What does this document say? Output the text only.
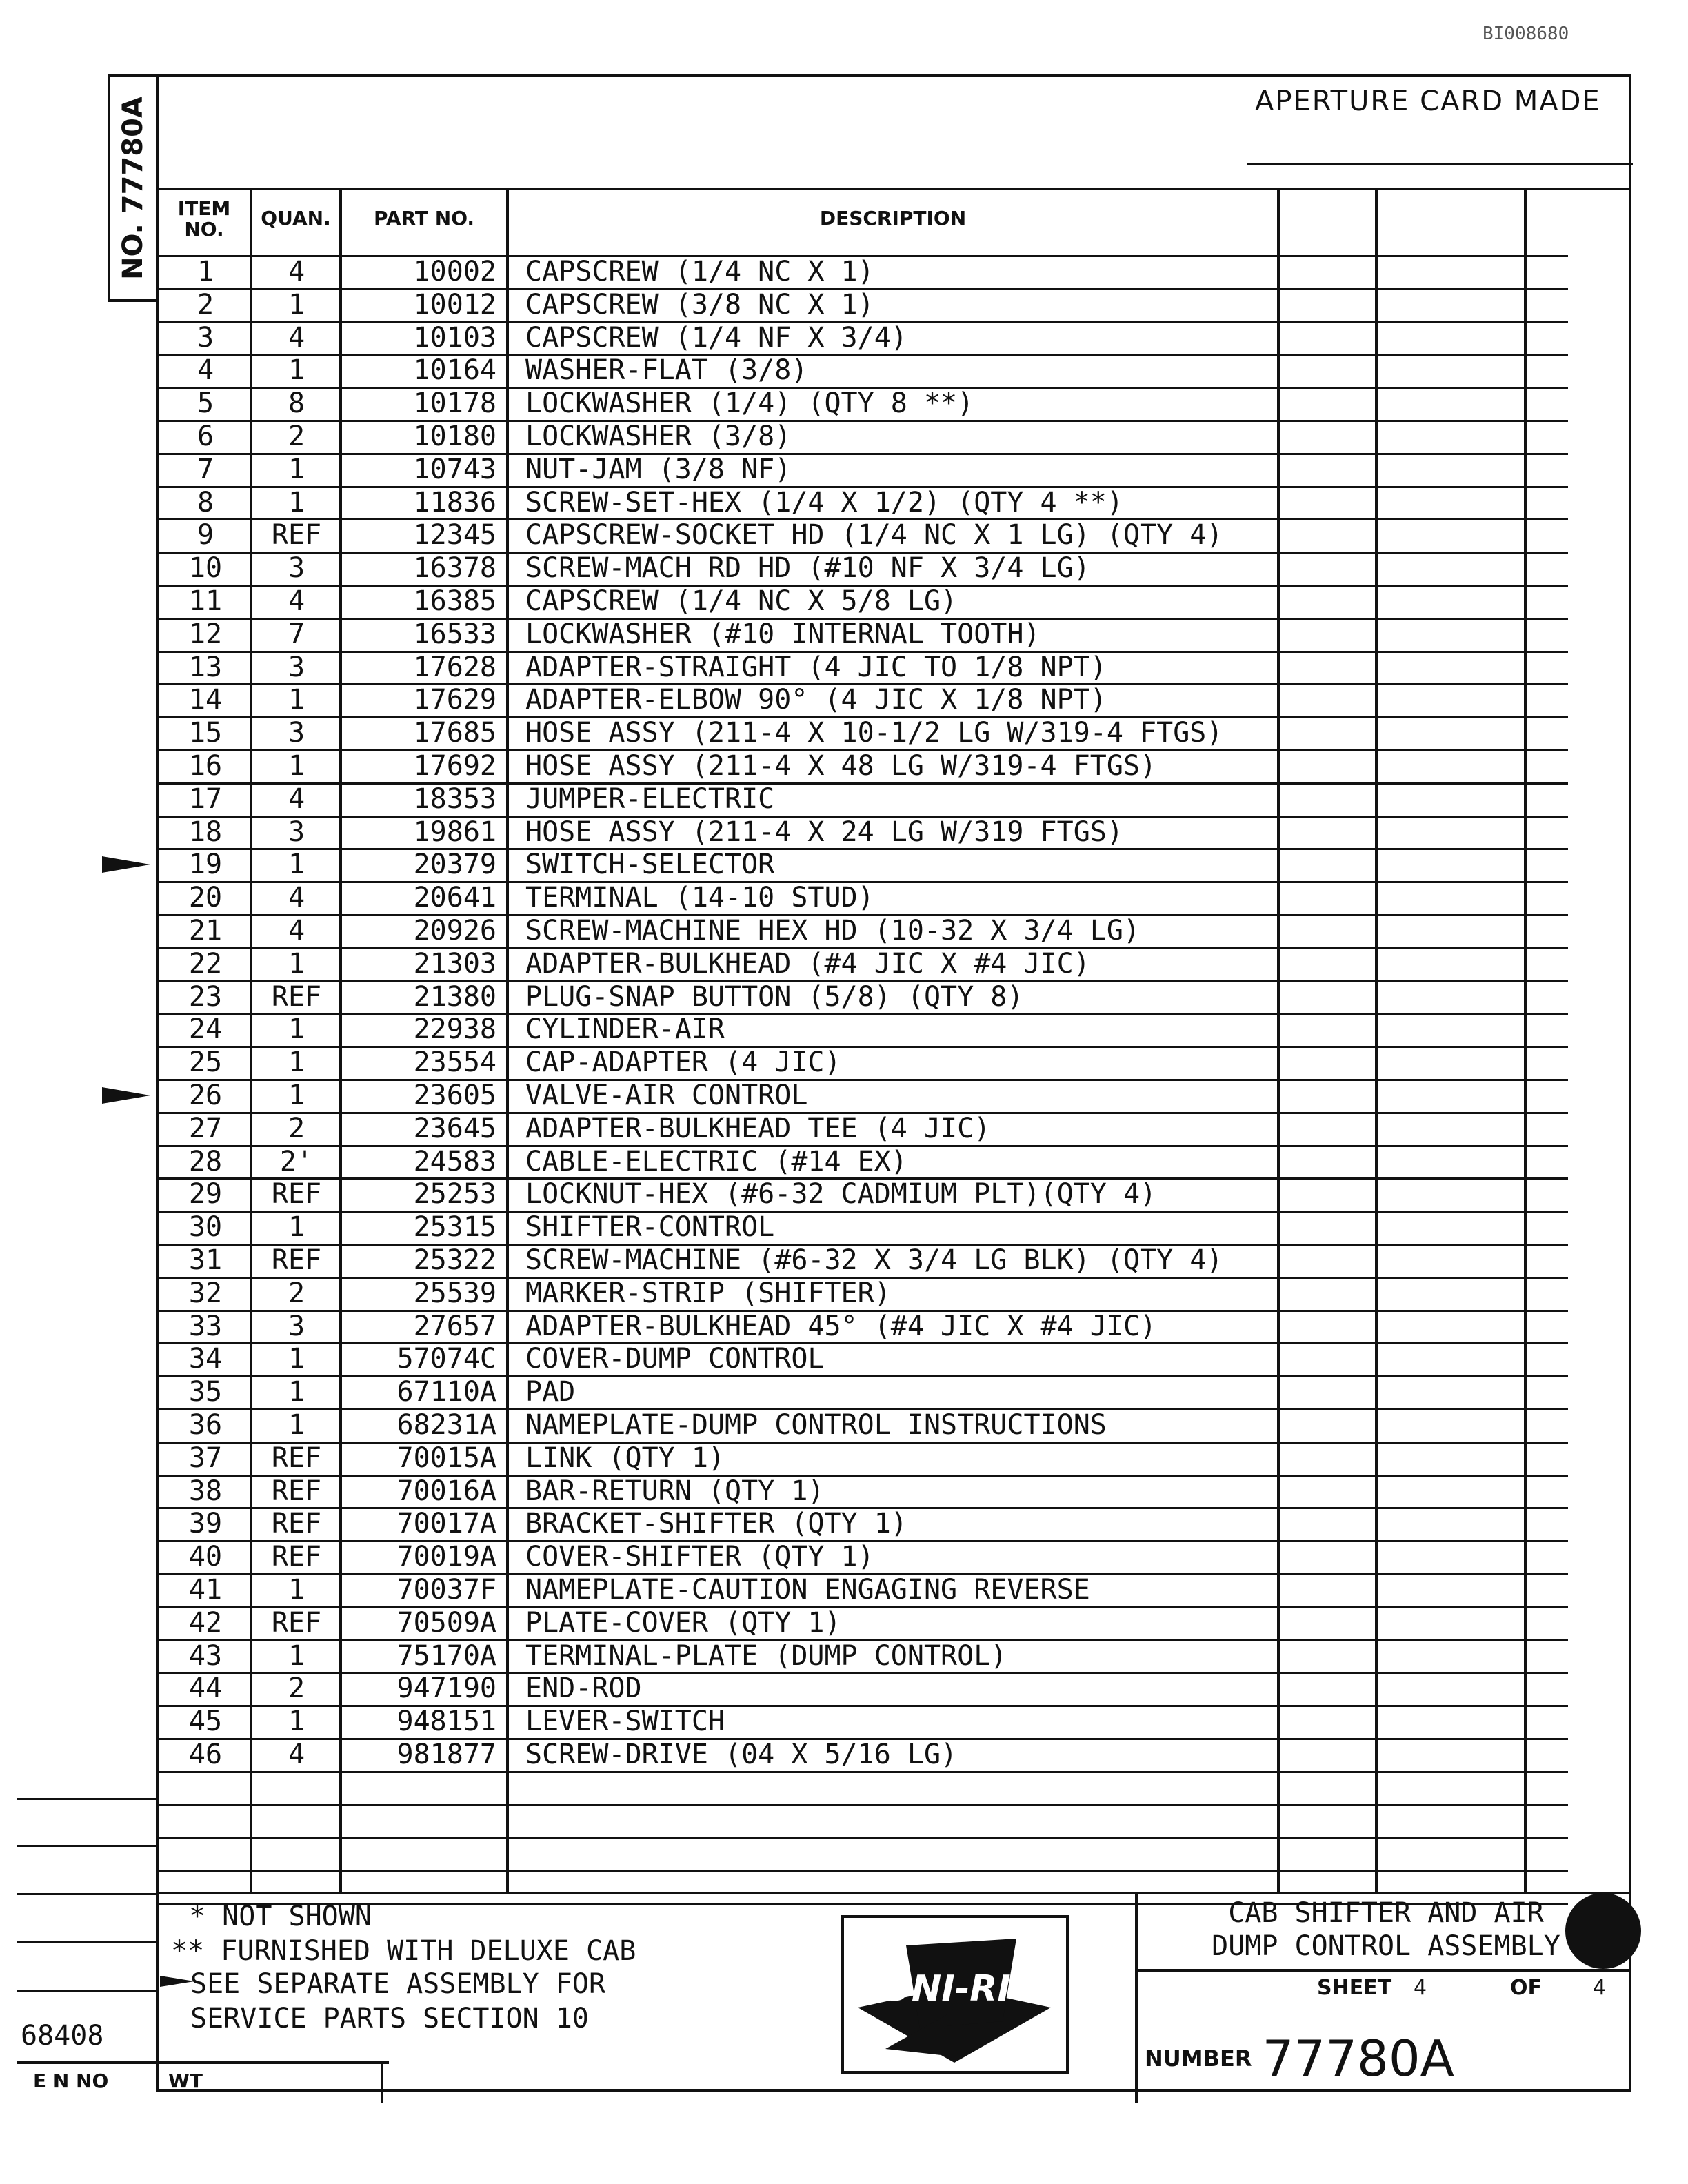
BI008680
NO. 77780A	APERTURE CARD MADE
ITEM NO.	QUAN.	PART NO.	DESCRIPTION
1	4	10002 CAPSCREW (1/4 NC X 1)
2	1	10012 CAPSCREW (3/8 NC X 1)
3	4	10103 CAPSCREW (1/4 NF X 3/4)
4	1	10164 WASHER-FLAT (3/8)
5	8	10178 LOCKWASHER (1/4) (QTY 8 **)
6	2	10180 LOCKWASHER (3/8)
7	1	10743 NUT-JAM (3/8 NF)
8	1	11836 SCREW-SET-HEX (1/4 X 1/2) (QTY 4 **)
9	REF	12345 CAPSCREW-SOCKET HD (1/4 NC X 1 LG) (QTY 4)
10	3	16378 SCREW-MACH RD HD (#10 NF X 3/4 LG)
11	4	16385 CAPSCREW (1/4 NC X 5/8 LG)
12	7	16533 LOCKWASHER (#10 INTERNAL TOOTH)
13	3	17628 ADAPTER-STRAIGHT (4 JIC TO 1/8 NPT)
14	1	17629 ADAPTER-ELBOW 90° (4 JIC X 1/8 NPT)
15	3	17685 HOSE ASSY (211-4 X 10-1/2 LG W/319-4 FTGS)
16	1	17692 HOSE ASSY (211-4 X 48 LG W/319-4 FTGS)
17	4	18353 JUMPER-ELECTRIC
18	3	19861 HOSE ASSY (211-4 X 24 LG W/319 FTGS)
19	1	20379 SWITCH-SELECTOR
20	4	20641 TERMINAL (14-10 STUD)
21	4	20926 SCREW-MACHINE HEX HD (10-32 X 3/4 LG)
22	1	21303 ADAPTER-BULKHEAD (#4 JIC X #4 JIC)
23	REF	21380 PLUG-SNAP BUTTON (5/8) (QTY 8)
24	1	22938 CYLINDER-AIR
25	1	23554 CAP-ADAPTER (4 JIC)
26	1	23605 VALVE-AIR CONTROL
27	2	23645 ADAPTER-BULKHEAD TEE (4 JIC)
28	2'	24583 CABLE-ELECTRIC (#14 EX)
29	REF	25253 LOCKNUT-HEX (#6-32 CADMIUM PLT)(QTY 4)
30	1	25315 SHIFTER-CONTROL
31	REF	25322 SCREW-MACHINE (#6-32 X 3/4 LG BLK) (QTY 4)
32	2	25539 MARKER-STRIP (SHIFTER)
33	3	27657 ADAPTER-BULKHEAD 45° (#4 JIC X #4 JIC)
34	1	57074C COVER-DUMP CONTROL
35	1	67110A PAD
36	1	68231A NAMEPLATE-DUMP CONTROL INSTRUCTIONS
37	REF	70015A LINK (QTY 1)
38	REF	70016A BAR-RETURN (QTY 1)
39	REF	70017A BRACKET-SHIFTER (QTY 1)
40	REF	70019A COVER-SHIFTER (QTY 1)
41	1	70037F NAMEPLATE-CAUTION ENGAGING REVERSE
42	REF	70509A PLATE-COVER (QTY 1)
43	1	75170A TERMINAL-PLATE (DUMP CONTROL)
44	2	947190 END-ROD
45	1	948151 LEVER-SWITCH
46	4	981877 SCREW-DRIVE (04 X 5/16 LG)
* NOT SHOWN
** FURNISHED WITH DELUXE CAB
SEE SEPARATE ASSEMBLY FOR
SERVICE PARTS SECTION 10
UNI-RIG
CAB SHIFTER AND AIR
DUMP CONTROL ASSEMBLY
SHEET 4	OF 4
NUMBER 77780A
68408
E N NO	WT
